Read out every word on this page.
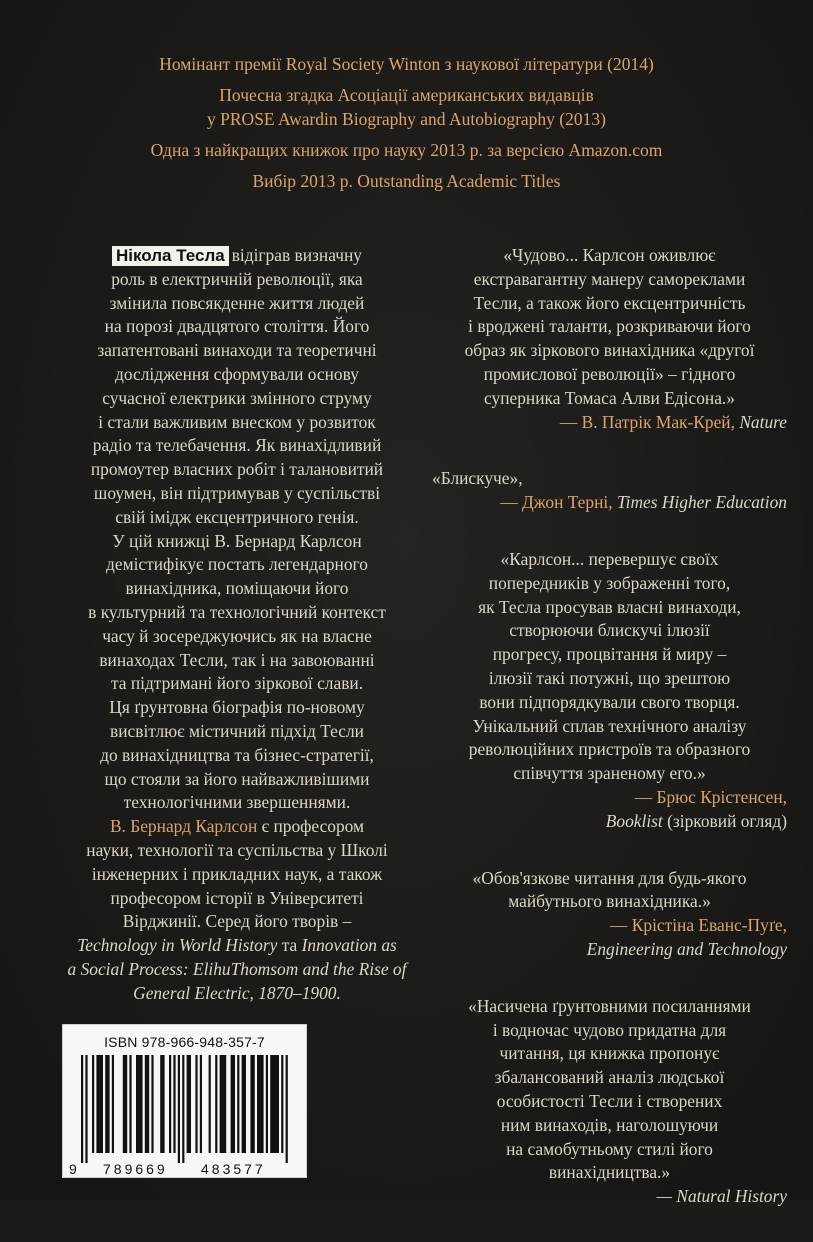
Номінант премії Royal Society Winton з наукової літератури (2014)
Почесна згадка Асоціації американських видавців
у PROSE Awardin Biography and Autobiography (2013)
Одна з найкращих книжок про науку 2013 р. за версією Amazon.com
Вибір 2013 р. Outstanding Academic Titles
Нікола Тесла відіграв визначну
роль в електричній революції, яка
змінила повсякденне життя людей
на порозі двадцятого століття. Його
запатентовані винаходи та теоретичні
дослідження сформували основу
сучасної електрики змінного струму
і стали важливим внеском у розвиток
радіо та телебачення. Як винахідливий
промоутер власних робіт і талановитий
шоумен, він підтримував у суспільстві
свій імідж ексцентричного генія.
У цій книжці В. Бернард Карлсон
демістифікує постать легендарного
винахідника, поміщаючи його
в культурний та технологічний контекст
часу й зосереджуючись як на власне
винаходах Тесли, так і на завоюванні
та підтримані його зіркової слави.
Ця ґрунтовна біографія по-новому
висвітлює містичний підхід Тесли
до винахідництва та бізнес-стратегії,
що стояли за його найважливішими
технологічними звершеннями.
В. Бернард Карлсон є професором
науки, технології та суспільства у Школі
інженерних і прикладних наук, а також
професором історії в Університеті
Вірджинії. Серед його творів –
Technology in World History та Innovation as
a Social Process: ElihuThomsom and the Rise of
General Electric, 1870–1900.
ISBN 978-966-948-357-7
9 789669 483577
«Чудово... Карлсон оживлює
екстравагантну манеру самореклами
Тесли, а також його ексцентричність
і вроджені таланти, розкриваючи його
образ як зіркового винахідника «другої
промислової революції» – гідного
суперника Томаса Алви Едісона.»
— В. Патрік Мак-Крей, Nature
«Блискуче»,
— Джон Терні, Times Higher Education
«Карлсон... перевершує своїх
попередників у зображенні того,
як Тесла просував власні винаходи,
створюючи блискучі ілюзії
прогресу, процвітання й миру –
ілюзії такі потужні, що зрештою
вони підпорядкували свого творця.
Унікальний сплав технічного аналізу
революційних пристроїв та образного
співчуття зраненому его.»
— Брюс Крістенсен,
Booklist (зірковий огляд)
«Обов'язкове читання для будь-якого
майбутнього винахідника.»
— Крістіна Еванс-Пуґе,
Engineering and Technology
«Насичена ґрунтовними посиланнями
і водночас чудово придатна для
читання, ця книжка пропонує
збалансований аналіз людської
особистості Тесли і створених
ним винаходів, наголошуючи
на самобутньому стилі його
винахідництва.»
— Natural History
